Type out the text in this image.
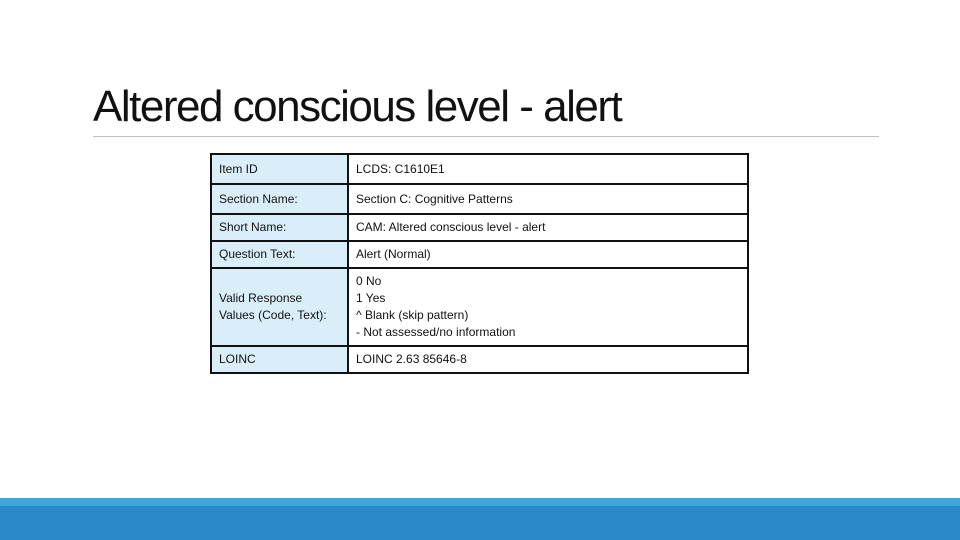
Altered conscious level - alert
Item ID	LCDS: C1610E1

Section Name:	Section C: Cognitive Patterns

Short Name:	CAM: Altered conscious level - alert

Question Text:	Alert (Normal)

Valid Response Values (Code, Text):	0 No
1 Yes
^ Blank (skip pattern)
- Not assessed/no information

LOINC	LOINC 2.63 85646-8
